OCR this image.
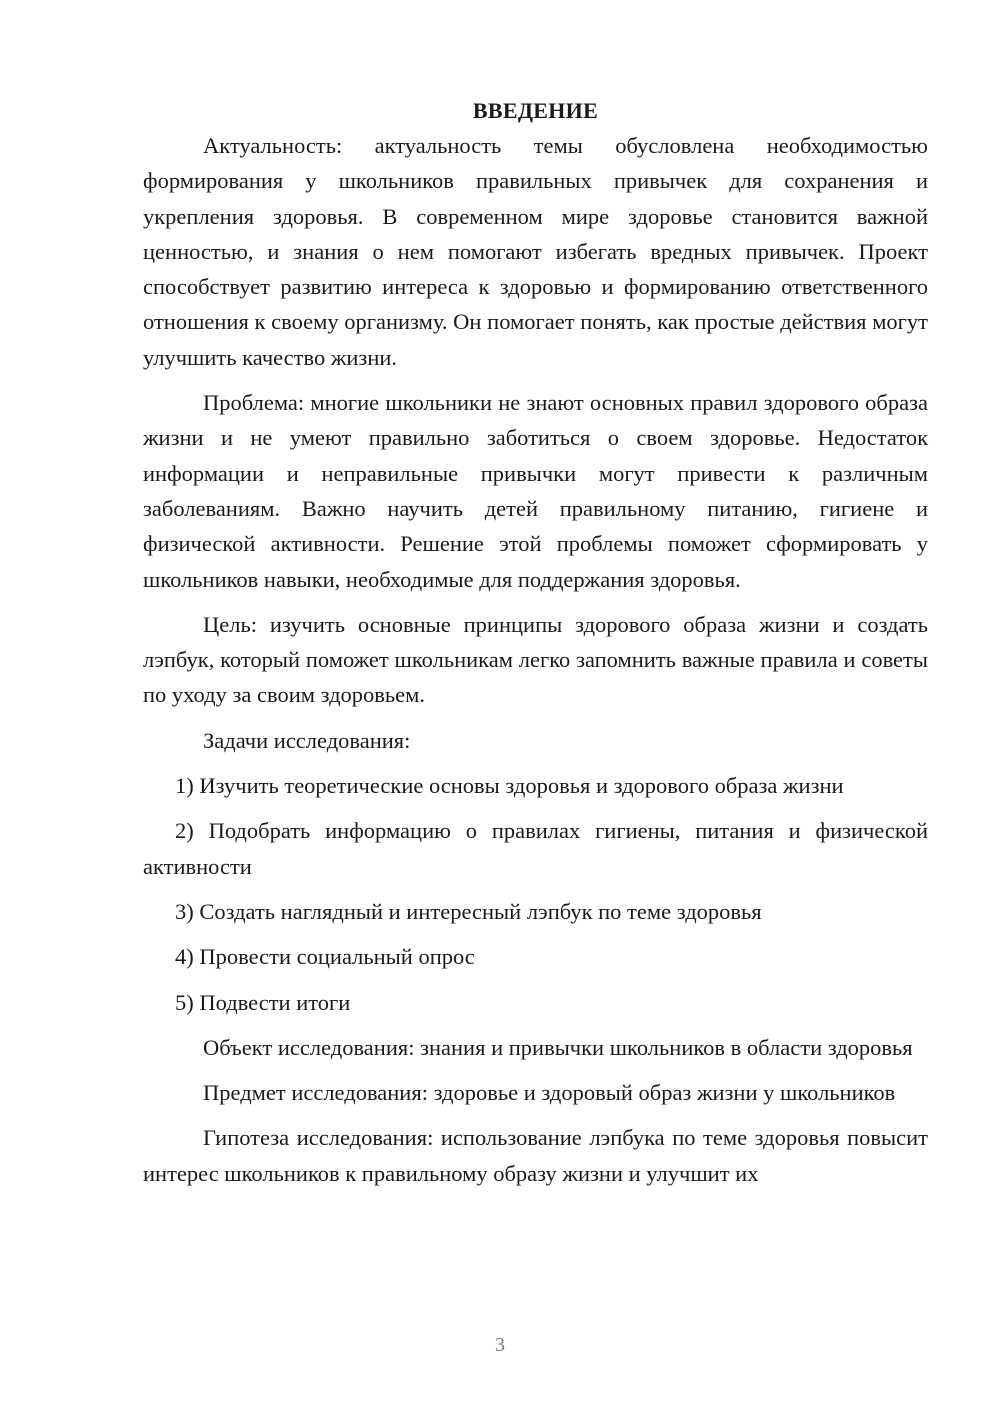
ВВЕДЕНИЕ

Актуальность: актуальность темы обусловлена необходимостью формирования у школьников правильных привычек для сохранения и укрепления здоровья. В современном мире здоровье становится важной ценностью, и знания о нем помогают избегать вредных привычек. Проект способствует развитию интереса к здоровью и формированию ответственного отношения к своему организму. Он помогает понять, как простые действия могут улучшить качество жизни.

Проблема: многие школьники не знают основных правил здорового образа жизни и не умеют правильно заботиться о своем здоровье. Недостаток информации и неправильные привычки могут привести к различным заболеваниям. Важно научить детей правильному питанию, гигиене и физической активности. Решение этой проблемы поможет сформировать у школьников навыки, необходимые для поддержания здоровья.

Цель: изучить основные принципы здорового образа жизни и создать лэпбук, который поможет школьникам легко запомнить важные правила и советы по уходу за своим здоровьем.

Задачи исследования:

1) Изучить теоретические основы здоровья и здорового образа жизни

2) Подобрать информацию о правилах гигиены, питания и физической активности

3) Создать наглядный и интересный лэпбук по теме здоровья

4) Провести социальный опрос

5) Подвести итоги

Объект исследования: знания и привычки школьников в области здоровья

Предмет исследования: здоровье и здоровый образ жизни у школьников

Гипотеза исследования: использование лэпбука по теме здоровья повысит интерес школьников к правильному образу жизни и улучшит их

3
